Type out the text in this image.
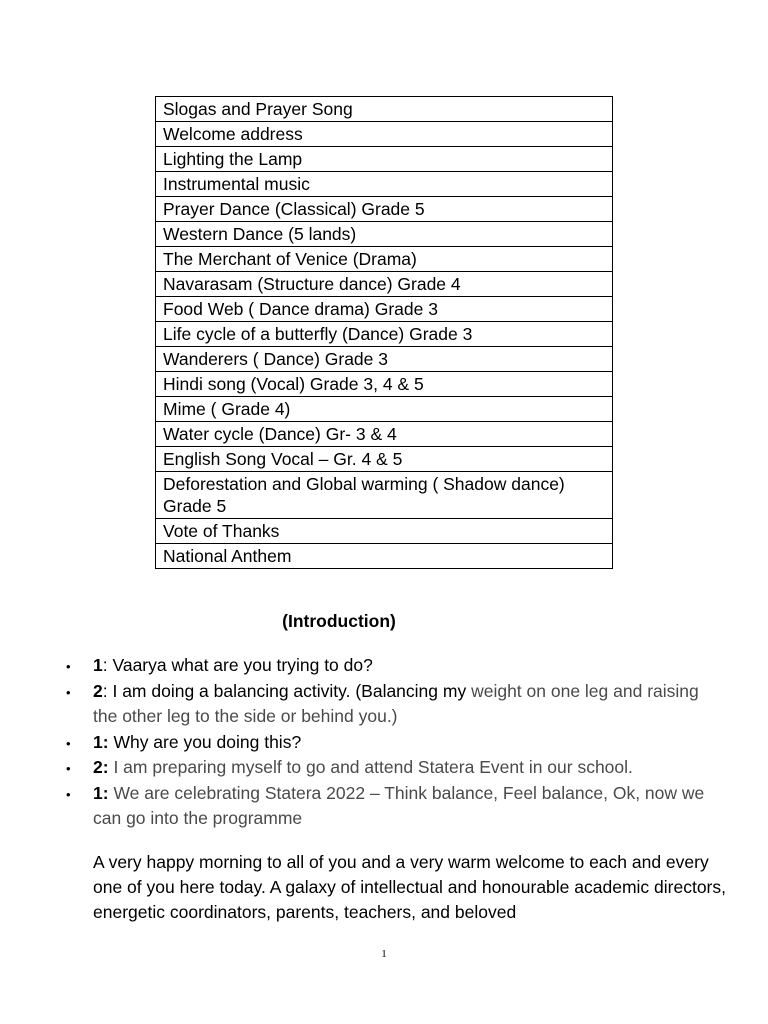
Slogas and Prayer Song
Welcome address
Lighting the Lamp
Instrumental music
Prayer Dance (Classical) Grade 5
Western Dance (5 lands)
The Merchant of Venice (Drama)
Navarasam (Structure dance) Grade 4
Food Web ( Dance drama) Grade 3
Life cycle of a butterfly (Dance) Grade 3
Wanderers ( Dance) Grade 3
Hindi song (Vocal) Grade 3, 4 & 5
Mime ( Grade 4)
Water cycle (Dance) Gr- 3 & 4
English Song Vocal – Gr. 4 & 5
Deforestation and Global warming ( Shadow dance) Grade 5
Vote of Thanks
National Anthem
(Introduction)
• 1: Vaarya what are you trying to do?
• 2: I am doing a balancing activity. (Balancing my weight on one leg and raising the other leg to the side or behind you.)
• 1: Why are you doing this?
• 2: I am preparing myself to go and attend Statera Event in our school.
• 1: We are celebrating Statera 2022 – Think balance, Feel balance, Ok, now we can go into the programme

A very happy morning to all of you and a very warm welcome to each and every one of you here today. A galaxy of intellectual and honourable academic directors, energetic coordinators, parents, teachers, and beloved

1
